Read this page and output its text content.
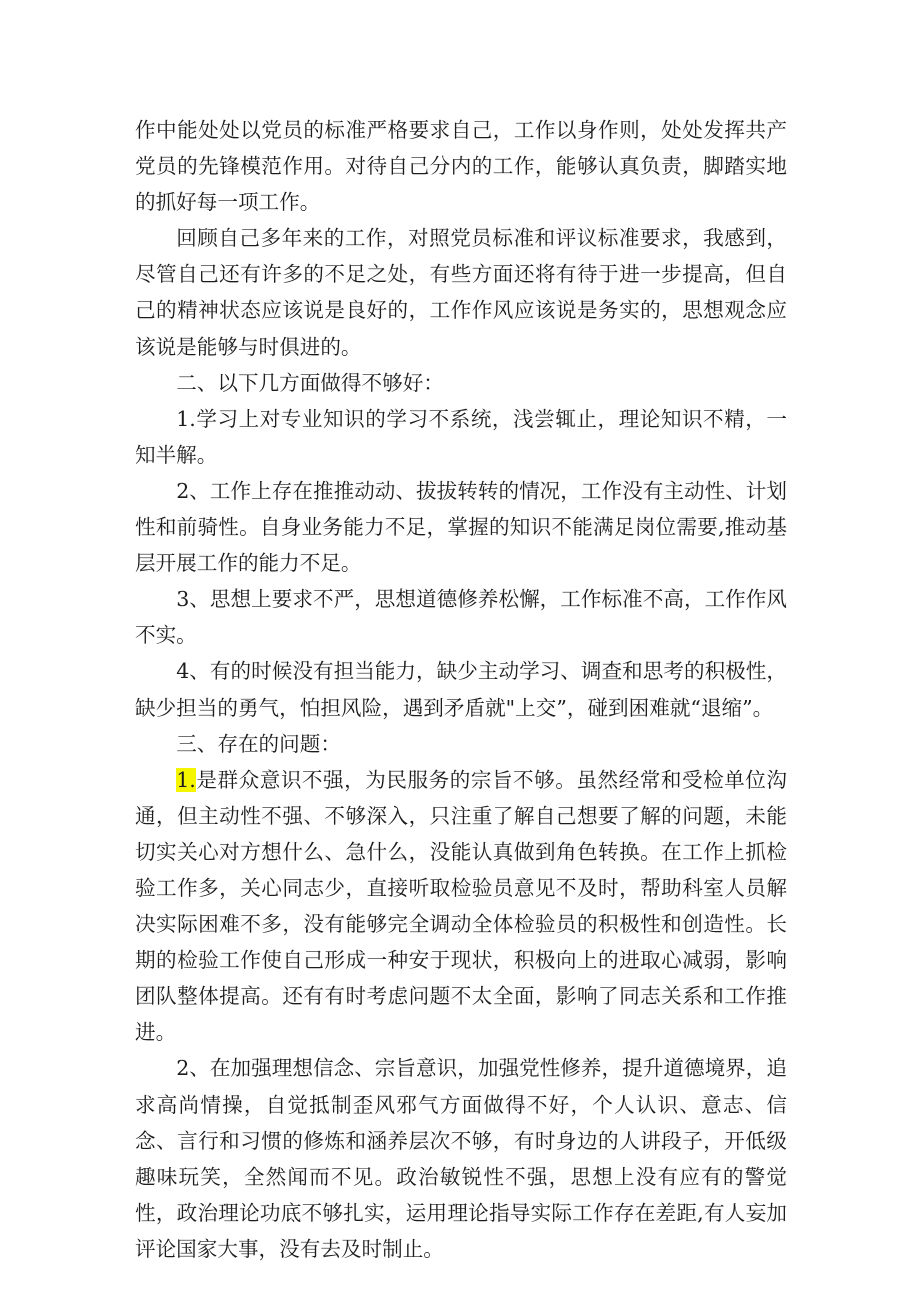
作中能处处以党员的标准严格要求自己，工作以身作则，处处发挥共产党员的先锋模范作用。对待自己分内的工作，能够认真负责，脚踏实地的抓好每一项工作。

回顾自己多年来的工作，对照党员标准和评议标准要求，我感到，尽管自己还有许多的不足之处，有些方面还将有待于进一步提高，但自己的精神状态应该说是良好的，工作作风应该说是务实的，思想观念应该说是能够与时俱进的。

二、以下几方面做得不够好：

1.学习上对专业知识的学习不系统，浅尝辄止，理论知识不精，一知半解。

2、工作上存在推推动动、拔拔转转的情况，工作没有主动性、计划性和前骑性。自身业务能力不足，掌握的知识不能满足岗位需要,推动基层开展工作的能力不足。

3、思想上要求不严，思想道德修养松懈，工作标准不高，工作作风不实。

4、有的时候没有担当能力，缺少主动学习、调查和思考的积极性，缺少担当的勇气，怕担风险，遇到矛盾就"上交”，碰到困难就“退缩”。

三、存在的问题：

1.是群众意识不强，为民服务的宗旨不够。虽然经常和受检单位沟通，但主动性不强、不够深入，只注重了解自己想要了解的问题，未能切实关心对方想什么、急什么，没能认真做到角色转换。在工作上抓检验工作多，关心同志少，直接听取检验员意见不及时，帮助科室人员解决实际困难不多，没有能够完全调动全体检验员的积极性和创造性。长期的检验工作使自己形成一种安于现状，积极向上的进取心减弱，影响团队整体提高。还有有时考虑问题不太全面，影响了同志关系和工作推进。

2、在加强理想信念、宗旨意识，加强党性修养，提升道德境界，追求高尚情操，自觉抵制歪风邪气方面做得不好，个人认识、意志、信念、言行和习惯的修炼和涵养层次不够，有时身边的人讲段子，开低级趣味玩笑，全然闻而不见。政治敏锐性不强，思想上没有应有的警觉性，政治理论功底不够扎实，运用理论指导实际工作存在差距,有人妄加评论国家大事，没有去及时制止。
